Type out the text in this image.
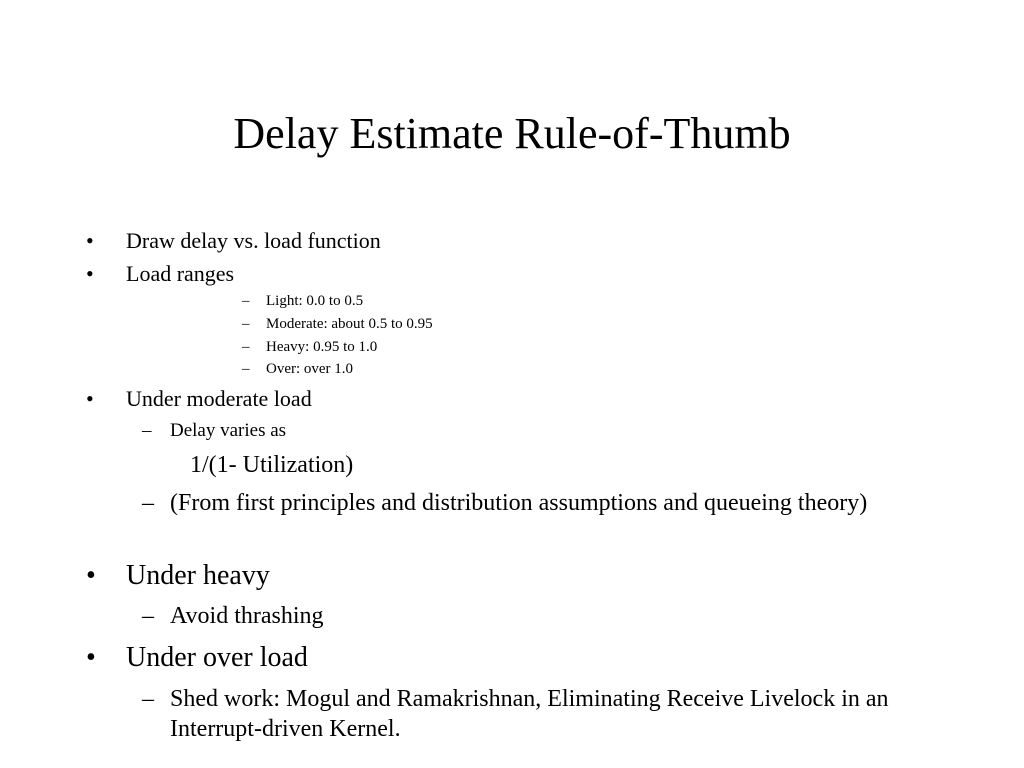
Delay Estimate Rule-of-Thumb
• Draw delay vs. load function

• Load ranges

– Light: 0.0 to 0.5

– Moderate: about 0.5 to 0.95

– Heavy: 0.95 to 1.0

– Over: over 1.0

• Under moderate load

– Delay varies as

1/(1- Utilization)

– (From first principles and distribution assumptions and queueing theory)

• Under heavy

– Avoid thrashing

• Under over load

– Shed work: Mogul and Ramakrishnan, Eliminating Receive Livelock in an Interrupt-driven Kernel.
